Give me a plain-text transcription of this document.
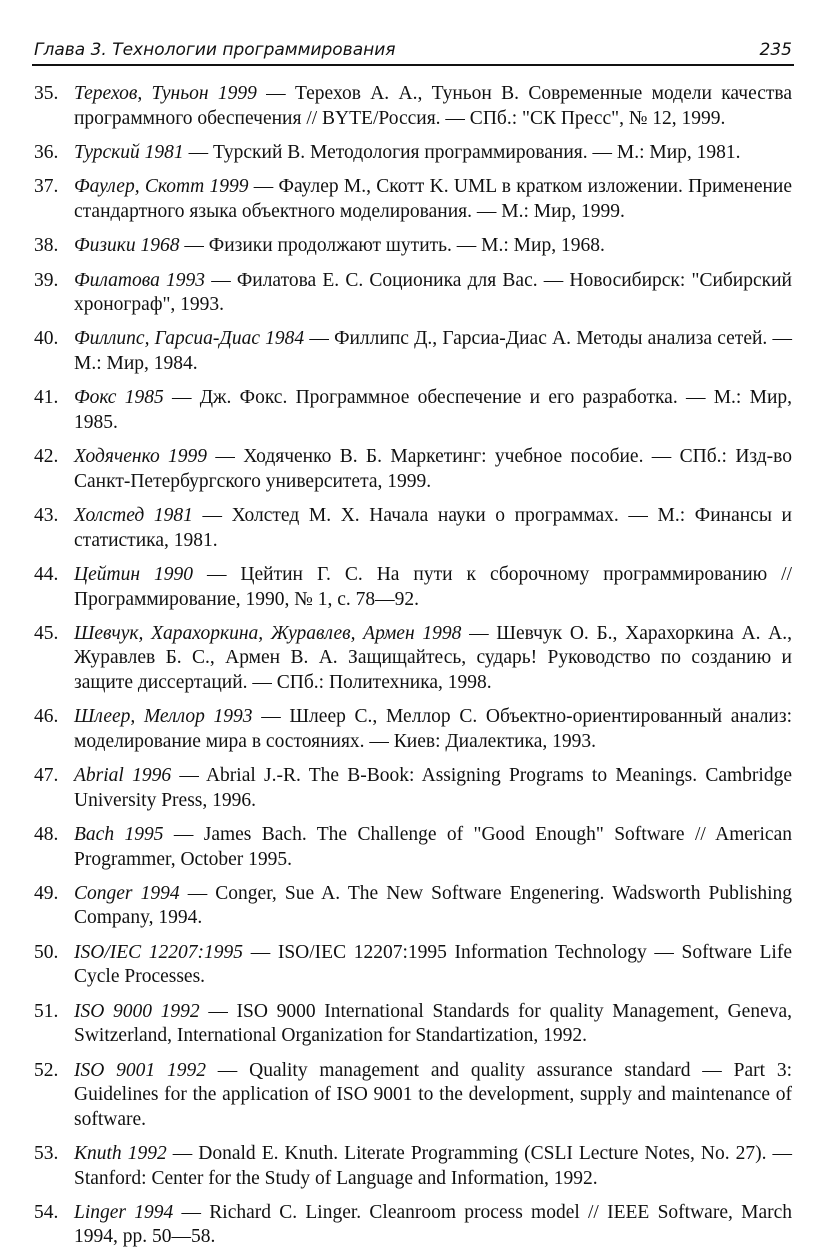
Глава 3. Технологии программирования	235
35. Терехов, Туньон 1999 — Терехов А. А., Туньон В. Современные модели качества программного обеспечения // BYTE/Россия. — СПб.: "СК Пресс", № 12, 1999.
36. Турский 1981 — Турский В. Методология программирования. — М.: Мир, 1981.
37. Фаулер, Скотт 1999 — Фаулер М., Скотт K. UML в кратком изложении. Применение стандартного языка объектного моделирования. — М.: Мир, 1999.
38. Физики 1968 — Физики продолжают шутить. — М.: Мир, 1968.
39. Филатова 1993 — Филатова Е. С. Соционика для Вас. — Новосибирск: "Сибирский хронограф", 1993.
40. Филлипс, Гарсиа-Диас 1984 — Филлипс Д., Гарсиа-Диас А. Методы анализа сетей. — М.: Мир, 1984.
41. Фокс 1985 — Дж. Фокс. Программное обеспечение и его разработка. — М.: Мир, 1985.
42. Ходяченко 1999 — Ходяченко В. Б. Маркетинг: учебное пособие. — СПб.: Изд-во Санкт-Петербургского университета, 1999.
43. Холстед 1981 — Холстед М. Х. Начала науки о программах. — М.: Финансы и статистика, 1981.
44. Цейтин 1990 — Цейтин Г. С. На пути к сборочному программированию // Программирование, 1990, № 1, с. 78—92.
45. Шевчук, Харахоркина, Журавлев, Армен 1998 — Шевчук О. Б., Харахоркина А. А., Журавлев Б. С., Армен В. А. Защищайтесь, сударь! Руководство по созданию и защите диссертаций. — СПб.: Политехника, 1998.
46. Шлеер, Меллор 1993 — Шлеер С., Меллор С. Объектно-ориентированный анализ: моделирование мира в состояниях. — Киев: Диалектика, 1993.
47. Abrial 1996 — Abrial J.-R. The B-Book: Assigning Programs to Meanings. Cambridge University Press, 1996.
48. Bach 1995 — James Bach. The Challenge of "Good Enough" Software // American Programmer, October 1995.
49. Conger 1994 — Conger, Sue A. The New Software Engenering. Wadsworth Publishing Company, 1994.
50. ISO/IEC 12207:1995 — ISO/IEC 12207:1995 Information Technology — Software Life Cycle Processes.
51. ISO 9000 1992 — ISO 9000 International Standards for quality Management, Geneva, Switzerland, International Organization for Standartization, 1992.
52. ISO 9001 1992 — Quality management and quality assurance standard — Part 3: Guidelines for the application of ISO 9001 to the development, supply and maintenance of software.
53. Knuth 1992 — Donald E. Knuth. Literate Programming (CSLI Lecture Notes, No. 27). — Stanford: Center for the Study of Language and Information, 1992.
54. Linger 1994 — Richard C. Linger. Cleanroom process model // IEEE Software, March 1994, pp. 50—58.
